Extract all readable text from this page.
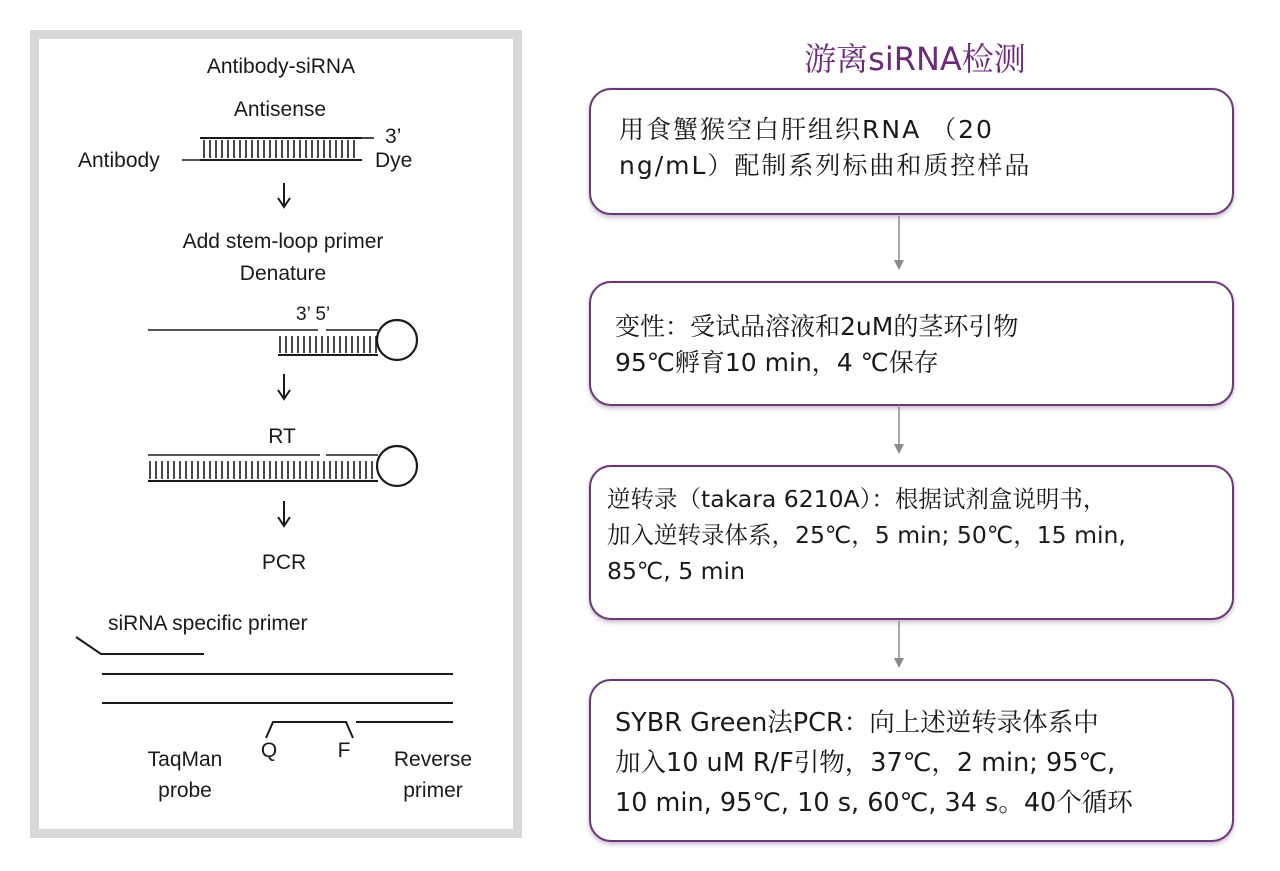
Antibody-siRNA
Antisense
3’
Antibody	Dye
Add stem-loop primer
Denature
3’ 5’
RT
PCR
siRNA specific primer
TaqMan
probe
Q	F Reverse
primer
游离siRNA检测
用食蟹猴空白肝组织RNA （20
ng/mL）配制系列标曲和质控样品
变性：受试品溶液和2uM的茎环引物
95℃孵育10 min，4 ℃保存
逆转录（takara 6210A）：根据试剂盒说明书，
加入逆转录体系，25℃，5 min; 50℃，15 min,
85℃, 5 min
SYBR Green法PCR：向上述逆转录体系中
加入10 uM R/F引物，37℃，2 min; 95℃,
10 min, 95℃, 10 s, 60℃, 34 s。40个循环
